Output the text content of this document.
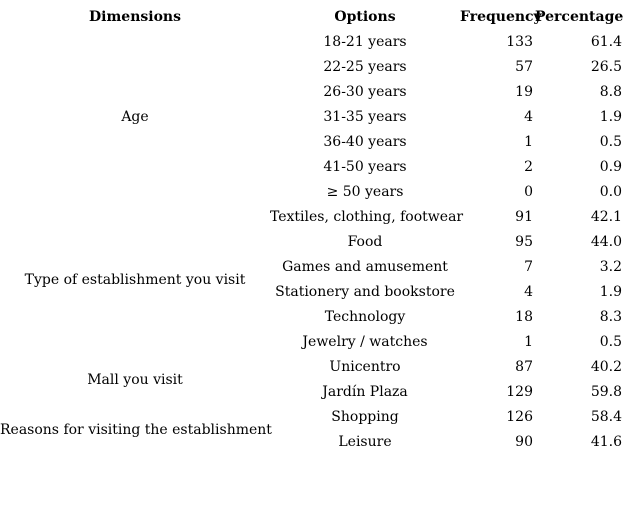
Dimensions	Options	Frequency	Percentage
Age	18-21 years	133	61.4
	22-25 years	57	26.5
	26-30 years	19	8.8
	31-35 years	4	1.9
	36-40 years	1	0.5
	41-50 years	2	0.9
	≥ 50 years	0	0.0
Type of establishment you visit	Textiles, clothing, footwear	91	42.1
	Food	95	44.0
	Games and amusement	7	3.2
	Stationery and bookstore	4	1.9
	Technology	18	8.3
	Jewelry / watches	1	0.5
Mall you visit	Unicentro	87	40.2
	Jardín Plaza	129	59.8
Reasons for visiting the establishment	Shopping	126	58.4
	Leisure	90	41.6
